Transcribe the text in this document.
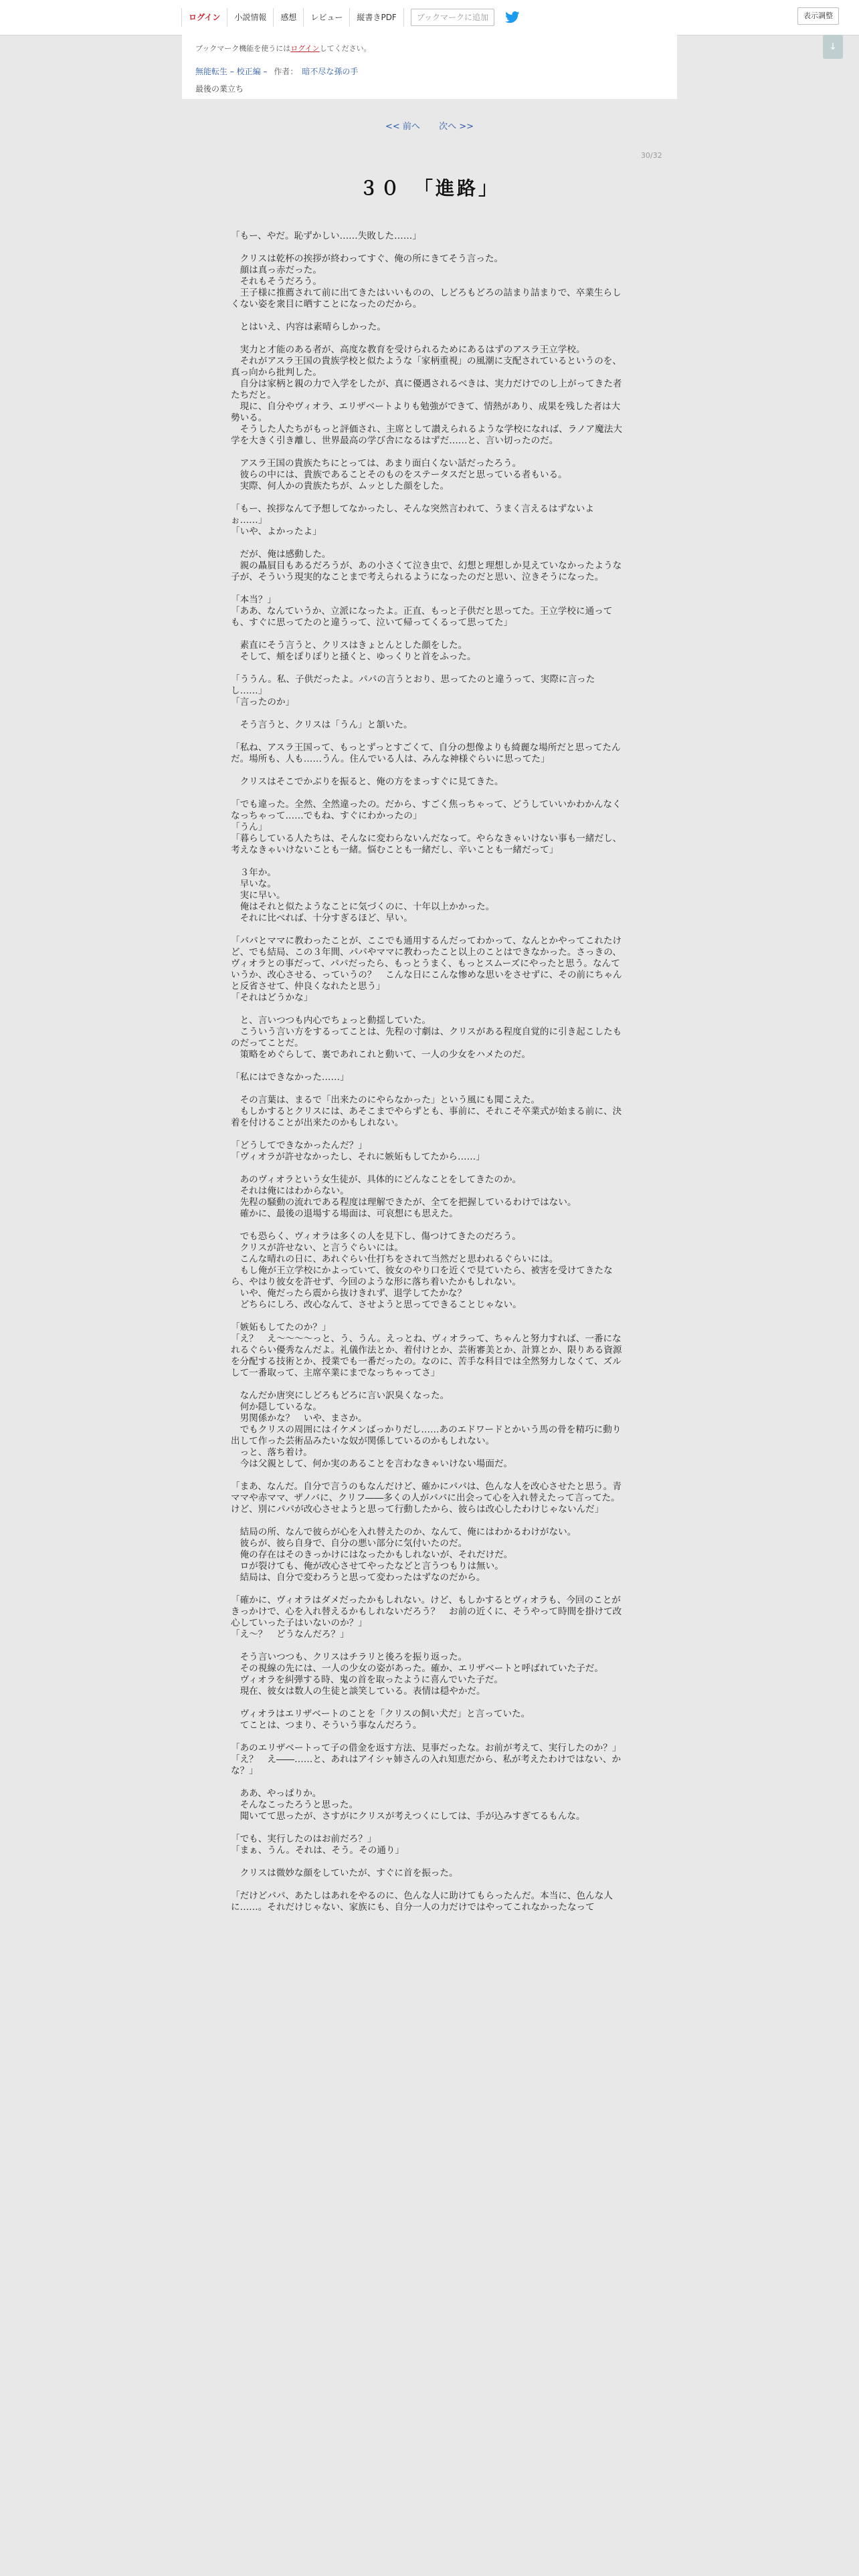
ログイン	小説情報	感想	レビュー	縦書きPDF	ブックマークに追加	表示調整
ブックマーク機能を使うにはログインしてください。
無能転生 – 校正編 – 作者： 暗不尽な孫の手
最後の業立ち
↓
<< 前へ 次へ >>
30/32
３０　「進路」

「もー、やだ。恥ずかしい……失敗した……」

　クリスは乾杯の挨拶が終わってすぐ、俺の所にきてそう言った。

　顔は真っ赤だった。

　それもそうだろう。

　王子様に推薦されて前に出てきたはいいものの、しどろもどろの詰まり詰まりで、卒業生らしくない姿を衆目に晒すことになったのだから。

　とはいえ、内容は素晴らしかった。

　実力と才能のある者が、高度な教育を受けられるためにあるはずのアスラ王立学校。

　それがアスラ王国の貴族学校と似たような「家柄重視」の風潮に支配されているというのを、真っ向から批判した。

　自分は家柄と親の力で入学をしたが、真に優遇されるべきは、実力だけでのし上がってきた者たちだと。

　現に、自分やヴィオラ、エリザベートよりも勉強ができて、情熱があり、成果を残した者は大勢いる。

　そうした人たちがもっと評価され、主席として讃えられるような学校になれば、ラノア魔法大学を大きく引き離し、世界最高の学び舎になるはずだ……と、言い切ったのだ。

　アスラ王国の貴族たちにとっては、あまり面白くない話だったろう。

　彼らの中には、貴族であることそのものをステータスだと思っている者もいる。

　実際、何人かの貴族たちが、ムッとした顔をした。

「もー、挨拶なんて予想してなかったし、そんな突然言われて、うまく言えるはずないよぉ……」

「いや、よかったよ」

　だが、俺は感動した。

　親の贔屓目もあるだろうが、あの小さくて泣き虫で、幻想と理想しか見えていなかったような子が、そういう現実的なことまで考えられるようになったのだと思い、泣きそうになった。

「本当？」

「ああ、なんていうか、立派になったよ。正直、もっと子供だと思ってた。王立学校に通っても、すぐに思ってたのと違うって、泣いて帰ってくるって思ってた」

　素直にそう言うと、クリスはきょとんとした顔をした。

　そして、頬をぽりぽりと掻くと、ゆっくりと首をふった。

「ううん。私、子供だったよ。パパの言うとおり、思ってたのと違うって、実際に言ったし……」

「言ったのか」

　そう言うと、クリスは「うん」と頷いた。

「私ね、アスラ王国って、もっとずっとすごくて、自分の想像よりも綺麗な場所だと思ってたんだ。場所も、人も……うん。住んでいる人は、みんな神様ぐらいに思ってた」

　クリスはそこでかぶりを振ると、俺の方をまっすぐに見てきた。

「でも違った。全然、全然違ったの。だから、すごく焦っちゃって、どうしていいかわかんなくなっちゃって……でもね、すぐにわかったの」

「うん」

「暮らしている人たちは、そんなに変わらないんだなって。やらなきゃいけない事も一緒だし、考えなきゃいけないことも一緒。悩むことも一緒だし、辛いことも一緒だって」

　３年か。

　早いな。

　実に早い。

　俺はそれと似たようなことに気づくのに、十年以上かかった。

　それに比べれば、十分すぎるほど、早い。

「パパとママに教わったことが、ここでも通用するんだってわかって、なんとかやってこれたけど、でも結局、この３年間、パパやママに教わったこと以上のことはできなかった。さっきの、ヴィオラとの事だって、パパだったら、もっとうまく、もっとスムーズにやったと思う。なんていうか、改心させる、っていうの？　こんな日にこんな惨めな思いをさせずに、その前にちゃんと反省させて、仲良くなれたと思う」

「それはどうかな」

　と、言いつつも内心でちょっと動揺していた。

　こういう言い方をするってことは、先程の寸劇は、クリスがある程度自覚的に引き起こしたものだってことだ。

　策略をめぐらして、裏であれこれと動いて、一人の少女をハメたのだ。

「私にはできなかった……」

　その言葉は、まるで「出来たのにやらなかった」という風にも聞こえた。

　もしかするとクリスには、あそこまでやらずとも、事前に、それこそ卒業式が始まる前に、決着を付けることが出来たのかもしれない。

「どうしてできなかったんだ？」

「ヴィオラが許せなかったし、それに嫉妬もしてたから……」

　あのヴィオラという女生徒が、具体的にどんなことをしてきたのか。

　それは俺にはわからない。

　先程の騒動の流れである程度は理解できたが、全てを把握しているわけではない。

　確かに、最後の退場する場面は、可哀想にも思えた。

　でも恐らく、ヴィオラは多くの人を見下し、傷つけてきたのだろう。

　クリスが許せない、と言うぐらいには。

　こんな晴れの日に、あれぐらい仕打ちをされて当然だと思われるぐらいには。

　もし俺が王立学校にかよっていて、彼女のやり口を近くで見ていたら、被害を受けてきたなら、やはり彼女を許せず、今回のような形に落ち着いたかもしれない。

　いや、俺だったら震から抜けきれず、退学してたかな？

　どちらにしろ、改心なんて、させようと思ってできることじゃない。

「嫉妬もしてたのか？」

「え？　え〜〜〜〜っと、う、うん。えっとね、ヴィオラって、ちゃんと努力すれば、一番になれるぐらい優秀なんだよ。礼儀作法とか、着付けとか、芸術審美とか、計算とか、限りある資源を分配する技術とか、授業でも一番だったの。なのに、苦手な科目では全然努力しなくて、ズルして一番取って、主席卒業にまでなっちゃってさ」

　なんだか唐突にしどろもどろに言い訳臭くなった。

　何か隠しているな。

　男関係かな？　いや、まさか。

　でもクリスの周囲にはイケメンばっかりだし……あのエドワードとかいう馬の骨を精巧に動り出して作った芸術品みたいな奴が関係しているのかもしれない。

　っと、落ち着け。

　今は父親として、何か実のあることを言わなきゃいけない場面だ。

「まあ、なんだ。自分で言うのもなんだけど、確かにパパは、色んな人を改心させたと思う。青ママや赤ママ、ザノバに、クリフ――多くの人がパパに出会って心を入れ替えたって言ってた。けど、別にパパが改心させようと思って行動したから、彼らは改心したわけじゃないんだ」

　結局の所、なんで彼らが心を入れ替えたのか、なんて、俺にはわかるわけがない。

　彼らが、彼ら自身で、自分の悪い部分に気付いたのだ。

　俺の存在はそのきっかけにはなったかもしれないが、それだけだ。

　ロが裂けても、俺が改心させてやったなどと言うつもりは無い。

　結局は、自分で変わろうと思って変わったはずなのだから。

「確かに、ヴィオラはダメだったかもしれない。けど、もしかするとヴィオラも、今回のことがきっかけで、心を入れ替えるかもしれないだろう？　お前の近くに、そうやって時間を掛けて改心していった子はいないのか？」

「え～？　どうなんだろ？」

　そう言いつつも、クリスはチラリと後ろを振り返った。

　その視線の先には、一人の少女の姿があった。確か、エリザベートと呼ばれていた子だ。

　ヴィオラを糾弾する時、鬼の首を取ったように喜んでいた子だ。

　現在、彼女は数人の生徒と談笑している。表情は穏やかだ。

　ヴィオラはエリザベートのことを「クリスの飼い犬だ」と言っていた。

　てことは、つまり、そういう事なんだろう。

「あのエリザベートって子の借金を返す方法、見事だったな。お前が考えて、実行したのか？」

「え？　え――……と、あれはアイシャ姉さんの入れ知恵だから、私が考えたわけではない、かな？」

　ああ、やっぱりか。

　そんなこったろうと思った。

　聞いてて思ったが、さすがにクリスが考えつくにしては、手が込みすぎてるもんな。

「でも、実行したのはお前だろ？」

「まぁ、うん。それは、そう。その通り」

　クリスは微妙な顔をしていたが、すぐに首を振った。

「だけどパパ、あたしはあれをやるのに、色んな人に助けてもらったんだ。本当に、色んな人に……。それだけじゃない、家族にも、自分一人の力だけではやってこれなかったなって
